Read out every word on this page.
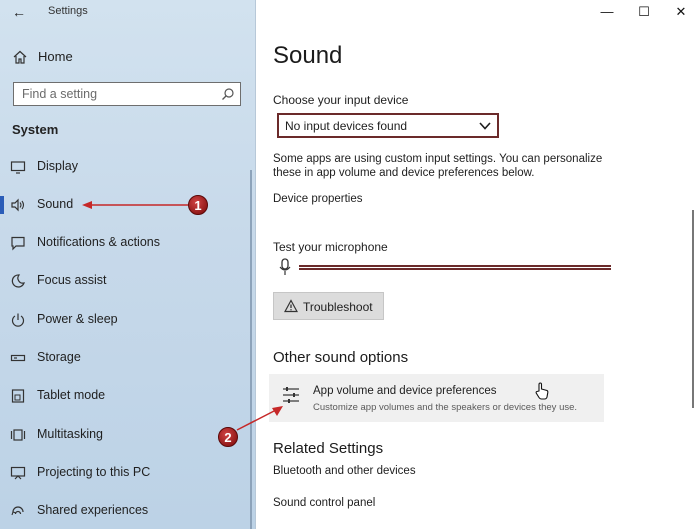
← Settings
Home
Find a setting
System
Display
Sound
Notifications & actions
Focus assist
Power & sleep
Storage
Tablet mode
Multitasking
Projecting to this PC
Shared experiences
—	☐	✕
Sound
Choose your input device
No input devices found
Some apps are using custom input settings. You can personalize these in app volume and device preferences below.
Device properties
Test your microphone
Troubleshoot
Other sound options
App volume and device preferences
Customize app volumes and the speakers or devices they use.
Related Settings
Bluetooth and other devices
Sound control panel
1
2
